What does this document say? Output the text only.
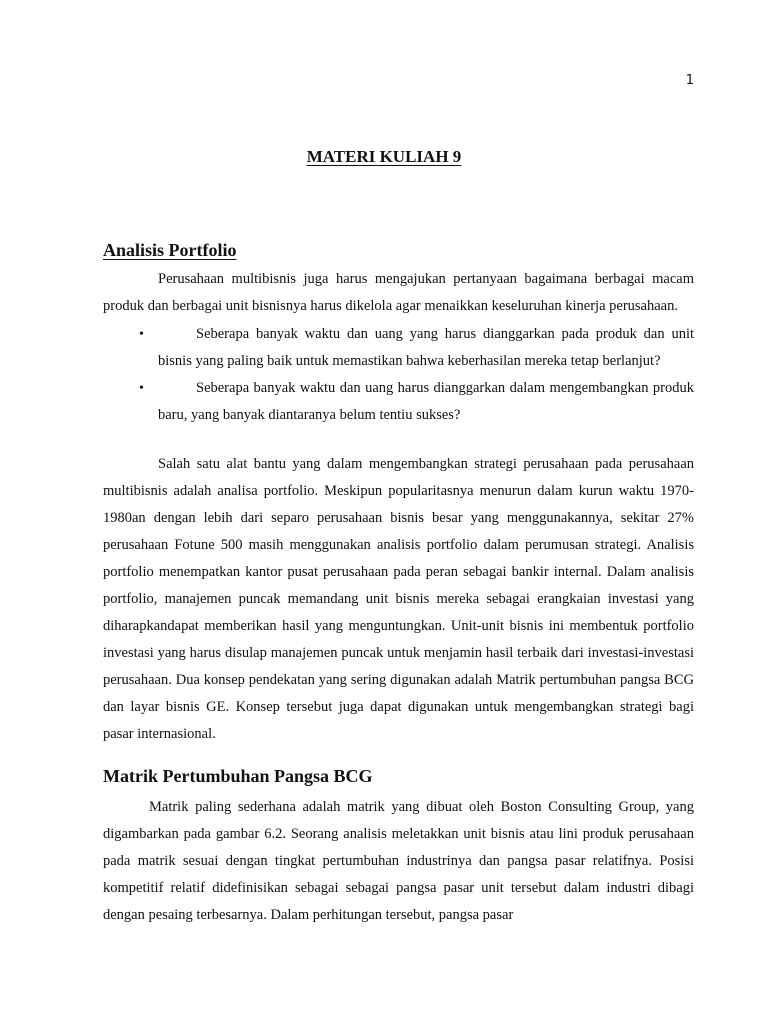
1
MATERI KULIAH 9
Analisis Portfolio

Perusahaan multibisnis juga harus mengajukan pertanyaan bagaimana berbagai macam produk dan berbagai unit bisnisnya harus dikelola agar menaikkan keseluruhan kinerja perusahaan.

•	Seberapa banyak waktu dan uang yang harus dianggarkan pada produk dan unit bisnis yang paling baik untuk memastikan bahwa keberhasilan mereka tetap berlanjut?
•	Seberapa banyak waktu dan uang harus dianggarkan dalam mengembangkan produk baru, yang banyak diantaranya belum tentiu sukses?

Salah satu alat bantu yang dalam mengembangkan strategi perusahaan pada perusahaan multibisnis adalah analisa portfolio. Meskipun popularitasnya menurun dalam kurun waktu 1970-1980an dengan lebih dari separo perusahaan bisnis besar yang menggunakannya, sekitar 27% perusahaan Fotune 500 masih menggunakan analisis portfolio dalam perumusan strategi. Analisis portfolio menempatkan kantor pusat perusahaan pada peran sebagai bankir internal. Dalam analisis portfolio, manajemen puncak memandang unit bisnis mereka sebagai erangkaian investasi yang diharapkandapat memberikan hasil yang menguntungkan. Unit-unit bisnis ini membentuk portfolio investasi yang harus disulap manajemen puncak untuk menjamin hasil terbaik dari investasi-investasi perusahaan. Dua konsep pendekatan yang sering digunakan adalah Matrik pertumbuhan pangsa BCG dan layar bisnis GE. Konsep tersebut juga dapat digunakan untuk mengembangkan strategi bagi pasar internasional.

Matrik Pertumbuhan Pangsa BCG

Matrik paling sederhana adalah matrik yang dibuat oleh Boston Consulting Group, yang digambarkan pada gambar 6.2. Seorang analisis meletakkan unit bisnis atau lini produk perusahaan pada matrik sesuai dengan tingkat pertumbuhan industrinya dan pangsa pasar relatifnya. Posisi kompetitif relatif didefinisikan sebagai sebagai pangsa pasar unit tersebut dalam industri dibagi dengan pesaing terbesarnya. Dalam perhitungan tersebut, pangsa pasar
